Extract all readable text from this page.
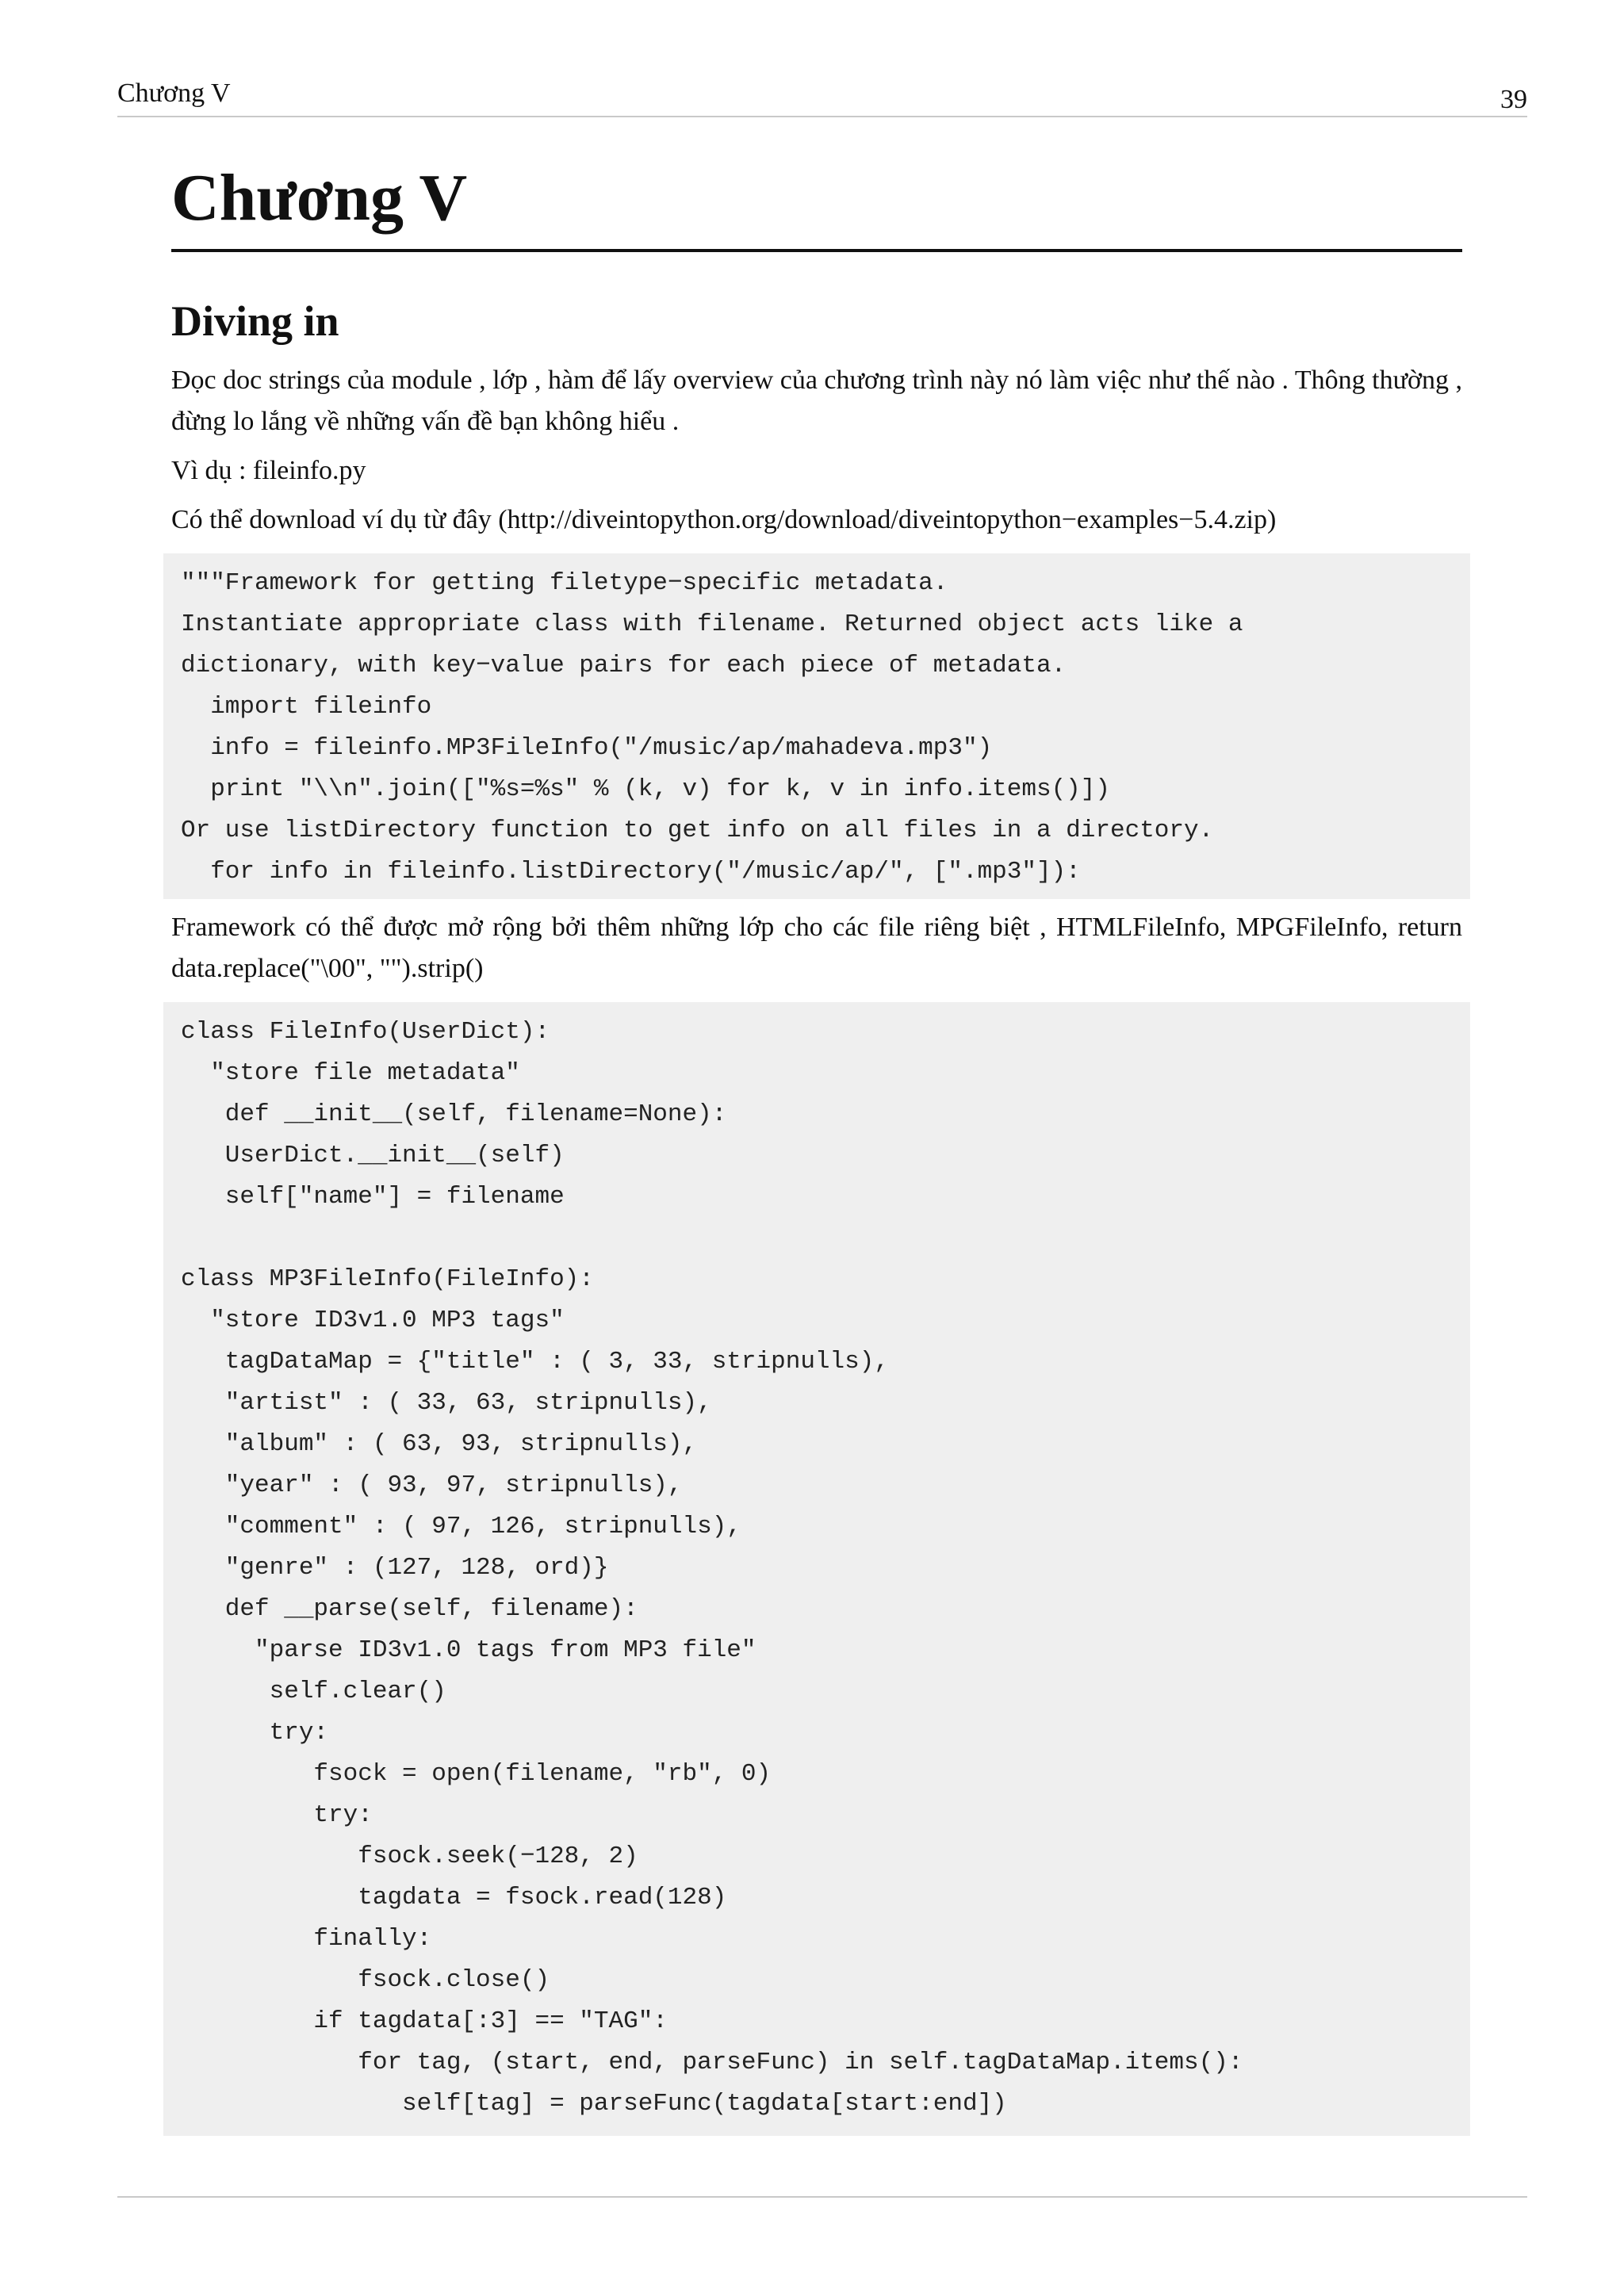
Chương V	39
Chương V
Diving in

Đọc doc strings của module , lớp , hàm để lấy overview của chương trình này nó làm việc như thế nào . Thông thường , đừng lo lắng về những vấn đề bạn không hiểu .

Vì dụ : fileinfo.py

Có thể download ví dụ từ đây (http://diveintopython.org/download/diveintopython−examples−5.4.zip)

"""Framework for getting filetype−specific metadata.
Instantiate appropriate class with filename. Returned object acts like a
dictionary, with key−value pairs for each piece of metadata.
import fileinfo
info = fileinfo.MP3FileInfo("/music/ap/mahadeva.mp3")
print "\\n".join(["%s=%s" % (k, v) for k, v in info.items()])
Or use listDirectory function to get info on all files in a directory.
for info in fileinfo.listDirectory("/music/ap/", [".mp3"]):

Framework có thể được mở rộng bởi thêm những lớp cho các file riêng biệt , HTMLFileInfo, MPGFileInfo, return data.replace("\00", "").strip()

class FileInfo(UserDict):
"store file metadata"
def __init__(self, filename=None):
UserDict.__init__(self)
self["name"] = filename
class MP3FileInfo(FileInfo):
"store ID3v1.0 MP3 tags"
tagDataMap = {"title" : ( 3, 33, stripnulls),
"artist" : ( 33, 63, stripnulls),
"album" : ( 63, 93, stripnulls),
"year" : ( 93, 97, stripnulls),
"comment" : ( 97, 126, stripnulls),
"genre" : (127, 128, ord)}
def __parse(self, filename):
"parse ID3v1.0 tags from MP3 file"
self.clear()
try:
fsock = open(filename, "rb", 0)
try:
fsock.seek(−128, 2)
tagdata = fsock.read(128)
finally:
fsock.close()
if tagdata[:3] == "TAG":
for tag, (start, end, parseFunc) in self.tagDataMap.items():
self[tag] = parseFunc(tagdata[start:end])
